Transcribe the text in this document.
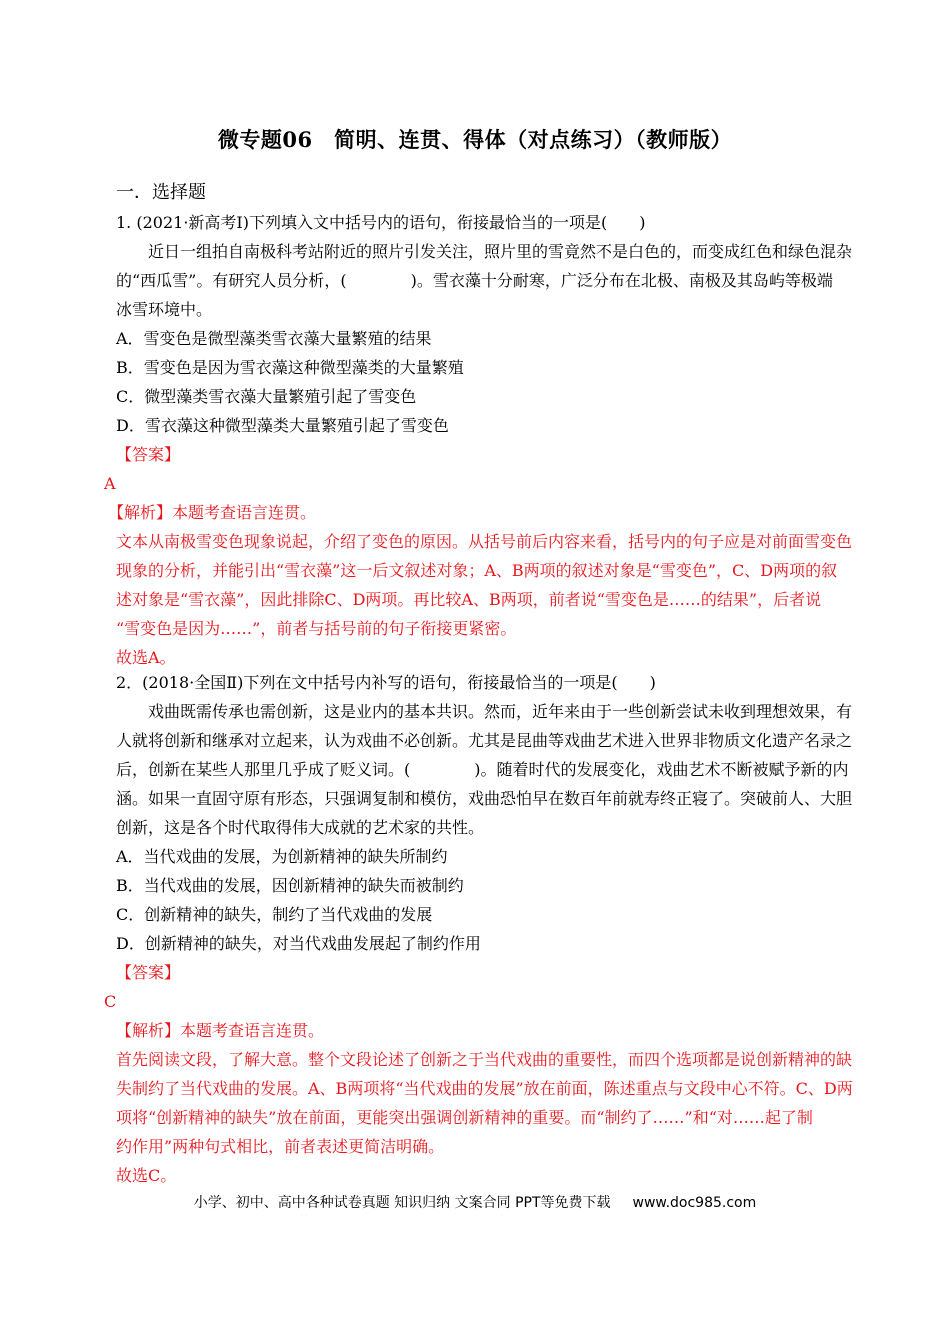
微专题06　简明、连贯、得体（对点练习）（教师版）
一．选择题
1. (2021·新高考Ⅰ)下列填入文中括号内的语句，衔接最恰当的一项是(　　)
近日一组拍自南极科考站附近的照片引发关注，照片里的雪竟然不是白色的，而变成红色和绿色混杂
的“西瓜雪”。有研究人员分析，(　　　　)。雪衣藻十分耐寒，广泛分布在北极、南极及其岛屿等极端
冰雪环境中。
A．雪变色是微型藻类雪衣藻大量繁殖的结果
B．雪变色是因为雪衣藻这种微型藻类的大量繁殖
C．微型藻类雪衣藻大量繁殖引起了雪变色
D．雪衣藻这种微型藻类大量繁殖引起了雪变色
【答案】
A
【解析】本题考查语言连贯。
文本从南极雪变色现象说起，介绍了变色的原因。从括号前后内容来看，括号内的句子应是对前面雪变色
现象的分析，并能引出“雪衣藻”这一后文叙述对象；A、B两项的叙述对象是“雪变色”，C、D两项的叙
述对象是“雪衣藻”，因此排除C、D两项。再比较A、B两项，前者说“雪变色是……的结果”，后者说
“雪变色是因为……”，前者与括号前的句子衔接更紧密。
故选A。
2．(2018·全国Ⅱ)下列在文中括号内补写的语句，衔接最恰当的一项是(　　)
戏曲既需传承也需创新，这是业内的基本共识。然而，近年来由于一些创新尝试未收到理想效果，有
人就将创新和继承对立起来，认为戏曲不必创新。尤其是昆曲等戏曲艺术进入世界非物质文化遗产名录之
后，创新在某些人那里几乎成了贬义词。(　　　　)。随着时代的发展变化，戏曲艺术不断被赋予新的内
涵。如果一直固守原有形态，只强调复制和模仿，戏曲恐怕早在数百年前就寿终正寝了。突破前人、大胆
创新，这是各个时代取得伟大成就的艺术家的共性。
A．当代戏曲的发展，为创新精神的缺失所制约
B．当代戏曲的发展，因创新精神的缺失而被制约
C．创新精神的缺失，制约了当代戏曲的发展
D．创新精神的缺失，对当代戏曲发展起了制约作用
【答案】
C
【解析】本题考查语言连贯。
首先阅读文段，了解大意。整个文段论述了创新之于当代戏曲的重要性，而四个选项都是说创新精神的缺
失制约了当代戏曲的发展。A、B两项将“当代戏曲的发展”放在前面，陈述重点与文段中心不符。C、D两
项将“创新精神的缺失”放在前面，更能突出强调创新精神的重要。而“制约了……”和“对……起了制
约作用”两种句式相比，前者表述更简洁明确。
故选C。
小学、初中、高中各种试卷真题 知识归纳 文案合同 PPT等免费下载 www.doc985.com
